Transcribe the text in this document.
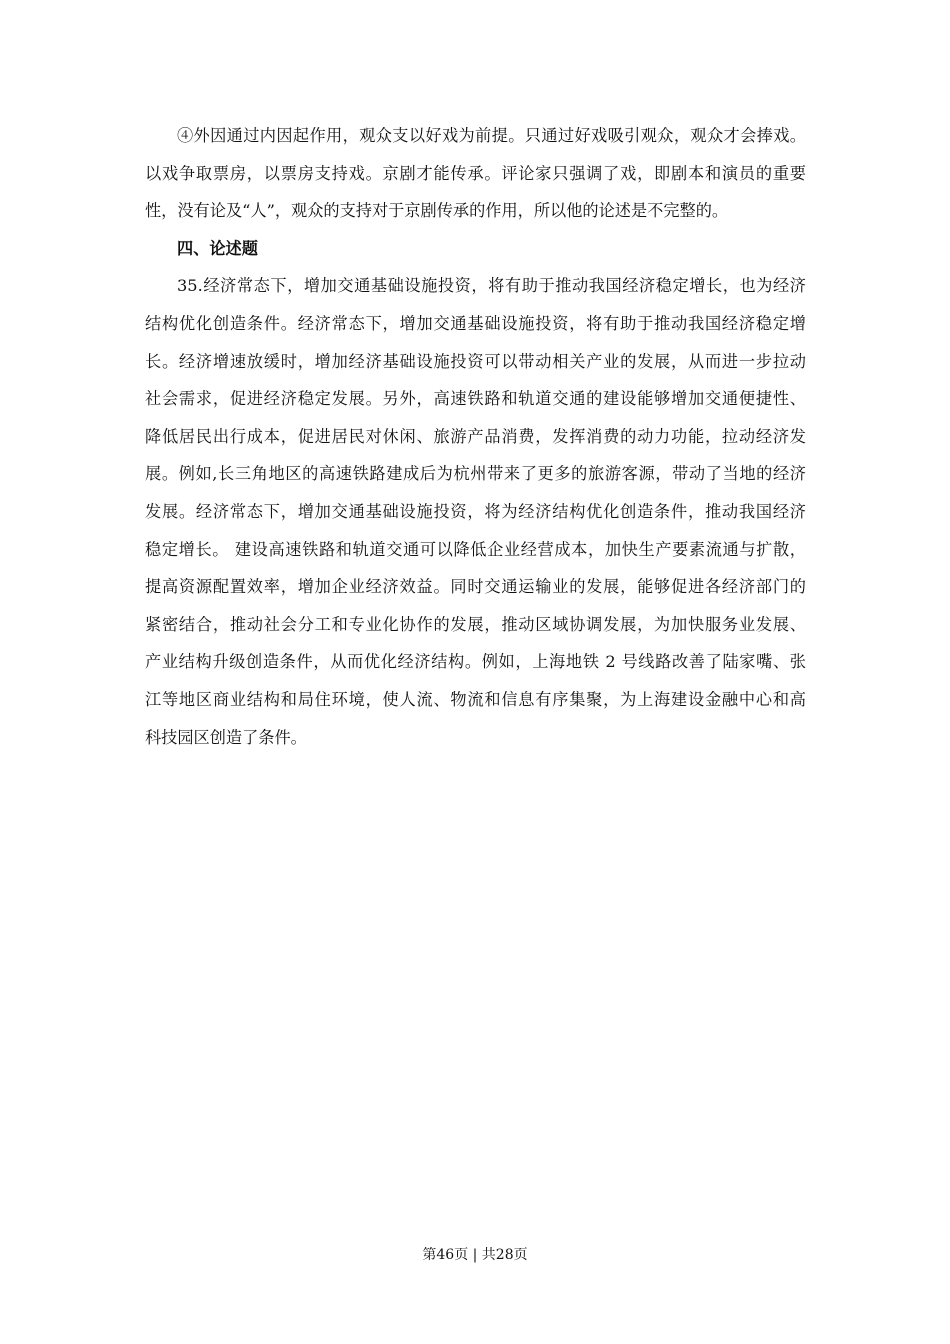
④外因通过内因起作用，观众支以好戏为前提。只通过好戏吸引观众，观众才会捧戏。
以戏争取票房，以票房支持戏。京剧才能传承。评论家只强调了戏，即剧本和演员的重要
性，没有论及“人”，观众的支持对于京剧传承的作用，所以他的论述是不完整的。
四、论述题
35.经济常态下，增加交通基础设施投资，将有助于推动我国经济稳定增长，也为经济
结构优化创造条件。经济常态下，增加交通基础设施投资，将有助于推动我国经济稳定增
长。经济增速放缓时，增加经济基础设施投资可以带动相关产业的发展，从而进一步拉动
社会需求，促进经济稳定发展。另外，高速铁路和轨道交通的建设能够增加交通便捷性、
降低居民出行成本，促进居民对休闲、旅游产品消费，发挥消费的动力功能，拉动经济发
展。例如,长三角地区的高速铁路建成后为杭州带来了更多的旅游客源，带动了当地的经济
发展。经济常态下，增加交通基础设施投资，将为经济结构优化创造条件，推动我国经济
稳定增长。 建设高速铁路和轨道交通可以降低企业经营成本，加快生产要素流通与扩散，
提高资源配置效率，增加企业经济效益。同时交通运输业的发展，能够促进各经济部门的
紧密结合，推动社会分工和专业化协作的发展，推动区域协调发展，为加快服务业发展、
产业结构升级创造条件，从而优化经济结构。例如，上海地铁 2 号线路改善了陆家嘴、张
江等地区商业结构和局住环境，使人流、物流和信息有序集聚，为上海建设金融中心和高
科技园区创造了条件。
第46页 | 共28页
